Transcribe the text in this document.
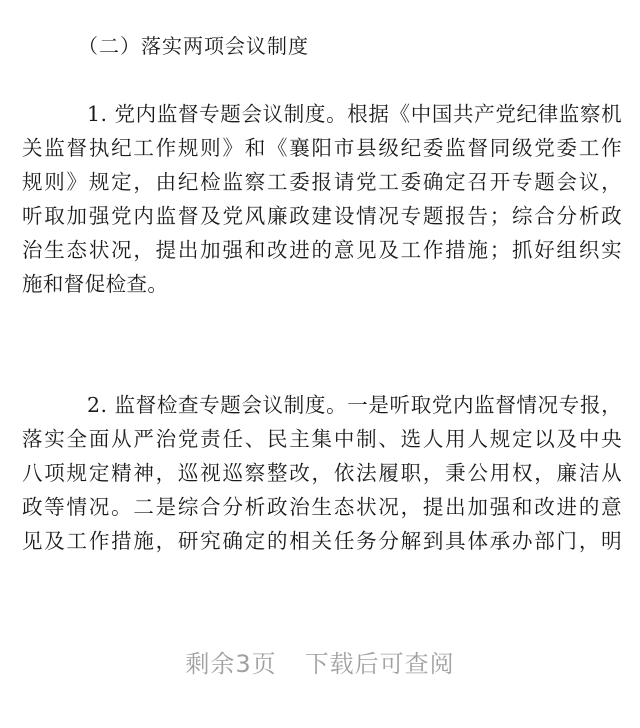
（二）落实两项会议制度
1. 党内监督专题会议制度。根据《中国共产党纪律监察机
关监督执纪工作规则》和《襄阳市县级纪委监督同级党委工作
规则》规定，由纪检监察工委报请党工委确定召开专题会议，
听取加强党内监督及党风廉政建设情况专题报告；综合分析政
治生态状况，提出加强和改进的意见及工作措施；抓好组织实
施和督促检查。
2. 监督检查专题会议制度。一是听取党内监督情况专报，
落实全面从严治党责任、民主集中制、选人用人规定以及中央
八项规定精神，巡视巡察整改，依法履职，秉公用权，廉洁从
政等情况。二是综合分析政治生态状况，提出加强和改进的意
见及工作措施，研究确定的相关任务分解到具体承办部门，明
剩余3页 下载后可查阅
